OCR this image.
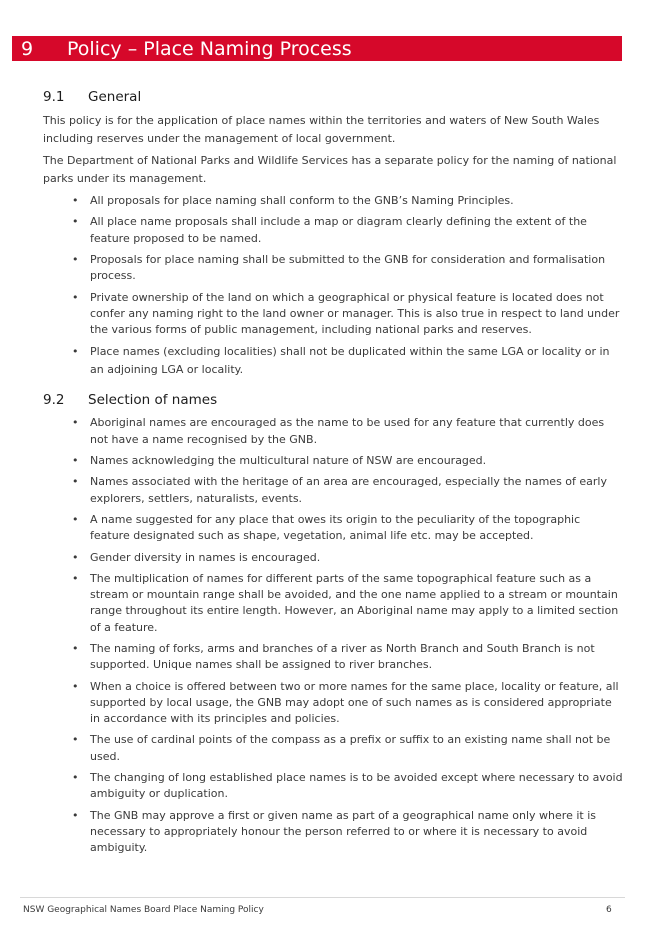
9	Policy – Place Naming Process
9.1	General

This policy is for the application of place names within the territories and waters of New South Wales including reserves under the management of local government.

The Department of National Parks and Wildlife Services has a separate policy for the naming of national parks under its management.

• All proposals for place naming shall conform to the GNB’s Naming Principles.
• All place name proposals shall include a map or diagram clearly defining the extent of the feature proposed to be named.
• Proposals for place naming shall be submitted to the GNB for consideration and formalisation process.
• Private ownership of the land on which a geographical or physical feature is located does not confer any naming right to the land owner or manager. This is also true in respect to land under the various forms of public management, including national parks and reserves.
• Place names (excluding localities) shall not be duplicated within the same LGA or locality or in an adjoining LGA or locality.
9.2	Selection of names
• Aboriginal names are encouraged as the name to be used for any feature that currently does not have a name recognised by the GNB.
• Names acknowledging the multicultural nature of NSW are encouraged.
• Names associated with the heritage of an area are encouraged, especially the names of early explorers, settlers, naturalists, events.
• A name suggested for any place that owes its origin to the peculiarity of the topographic feature designated such as shape, vegetation, animal life etc. may be accepted.
• Gender diversity in names is encouraged.
• The multiplication of names for different parts of the same topographical feature such as a stream or mountain range shall be avoided, and the one name applied to a stream or mountain range throughout its entire length. However, an Aboriginal name may apply to a limited section of a feature.
• The naming of forks, arms and branches of a river as North Branch and South Branch is not supported. Unique names shall be assigned to river branches.
• When a choice is offered between two or more names for the same place, locality or feature, all supported by local usage, the GNB may adopt one of such names as is considered appropriate in accordance with its principles and policies.
• The use of cardinal points of the compass as a prefix or suffix to an existing name shall not be used.
• The changing of long established place names is to be avoided except where necessary to avoid ambiguity or duplication.
• The GNB may approve a first or given name as part of a geographical name only where it is necessary to appropriately honour the person referred to or where it is necessary to avoid ambiguity.
NSW Geographical Names Board Place Naming Policy	6
